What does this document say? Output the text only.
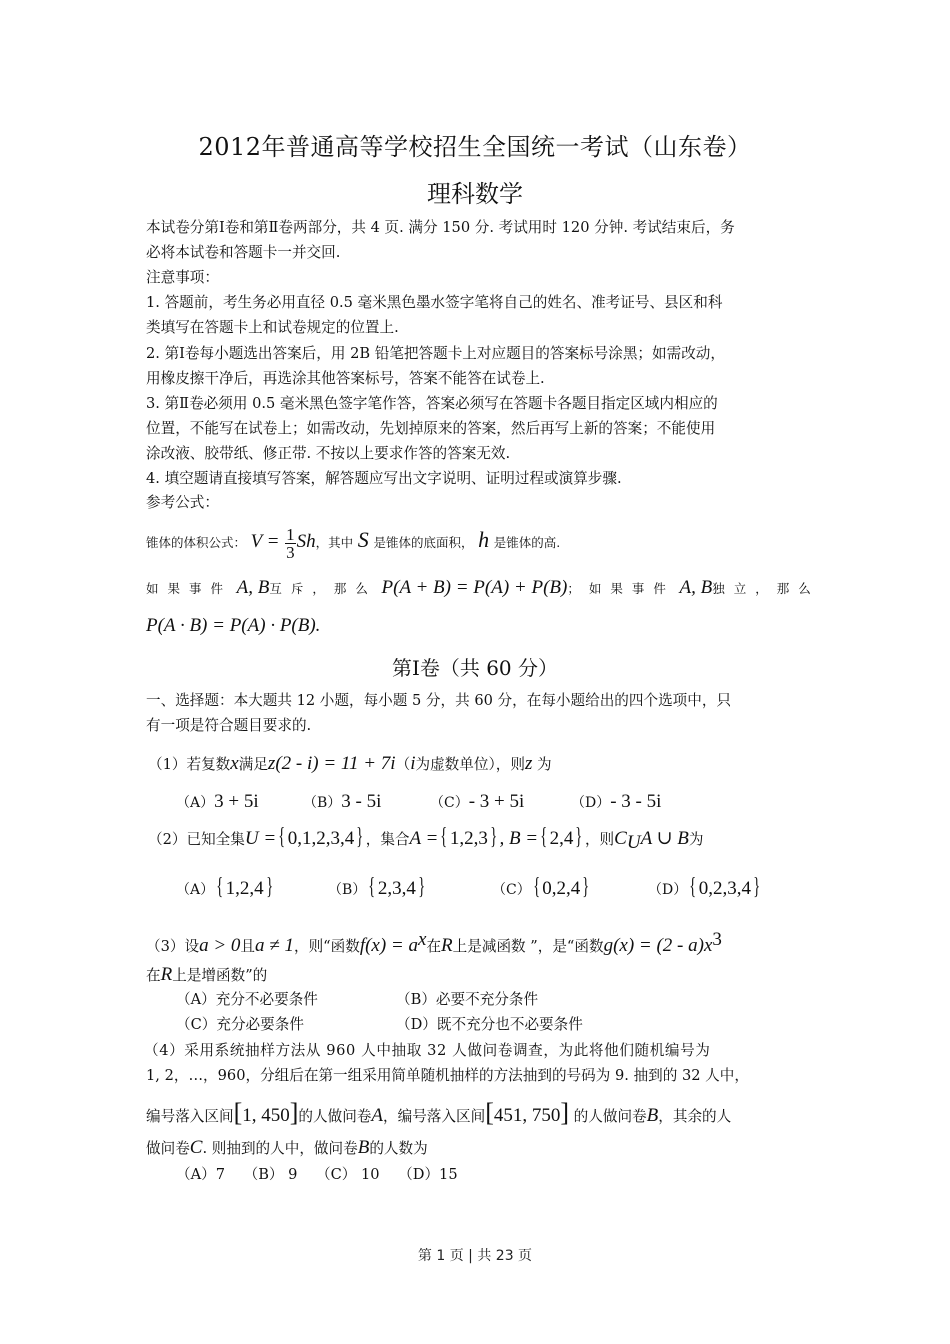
2012年普通高等学校招生全国统一考试（山东卷）
理科数学
本试卷分第Ⅰ卷和第Ⅱ卷两部分，共 4 页. 满分 150 分. 考试用时 120 分钟. 考试结束后，务
必将本试卷和答题卡一并交回.
注意事项：
1. 答题前，考生务必用直径 0.5 毫米黑色墨水签字笔将自己的姓名、准考证号、县区和科
类填写在答题卡上和试卷规定的位置上.
2. 第Ⅰ卷每小题选出答案后，用 2B 铅笔把答题卡上对应题目的答案标号涂黑；如需改动，
用橡皮擦干净后，再选涂其他答案标号，答案不能答在试卷上.
3. 第Ⅱ卷必须用 0.5 毫米黑色签字笔作答，答案必须写在答题卡各题目指定区域内相应的
位置，不能写在试卷上；如需改动，先划掉原来的答案，然后再写上新的答案；不能使用
涂改液、胶带纸、修正带. 不按以上要求作答的答案无效.
4. 填空题请直接填写答案，解答题应写出文字说明、证明过程或演算步骤.
参考公式：
锥体的体积公式： $V = \frac{1}{3}$ Sh，其中 S 是锥体的底面积， h 是锥体的高.
如果事件 A, B互斥，那么 P(A + B) = P(A) + P(B)；如果事件 A, B独立，那么
P(A · B) = P(A) · P(B).
第Ⅰ卷（共 60 分）
一、选择题：本大题共 12 小题，每小题 5 分，共 60 分，在每小题给出的四个选项中，只
有一项是符合题目要求的.
（1）若复数x满足z(2 - i) = 11 + 7i（i为虚数单位），则z 为
（A）3 + 5i	（B）3 - 5i	（C）- 3 + 5i	（D）- 3 - 5i
（2）已知全集U ={ 0,1,2,3,4} ，集合A ={ 1,2,3} , B ={ 2,4} ，则$C_UA$ ∪ B为
（A）{ 1,2,4}	（B）{ 2,3,4}	（C）{ 0,2,4}	（D）{ 0,2,3,4}
（3）设a > 0且a ≠ 1，则“函数$f(x) = a^x$在R上是减函数 ”，是“函数$g(x) = (2 - a)x^3$
在R上是增函数”的
（A）充分不必要条件	（B）必要不充分条件
（C）充分必要条件	（D）既不充分也不必要条件
（4）采用系统抽样方法从 960 人中抽取 32 人做问卷调查，为此将他们随机编号为
1, 2，…，960，分组后在第一组采用简单随机抽样的方法抽到的号码为 9. 抽到的 32 人中，
编号落入区间[1, 450]的人做问卷A，编号落入区间[451, 750] 的人做问卷B，其余的人
做问卷C. 则抽到的人中，做问卷B的人数为
（A）7 （B） 9 （C） 10 （D）15
第 1 页 | 共 23 页
